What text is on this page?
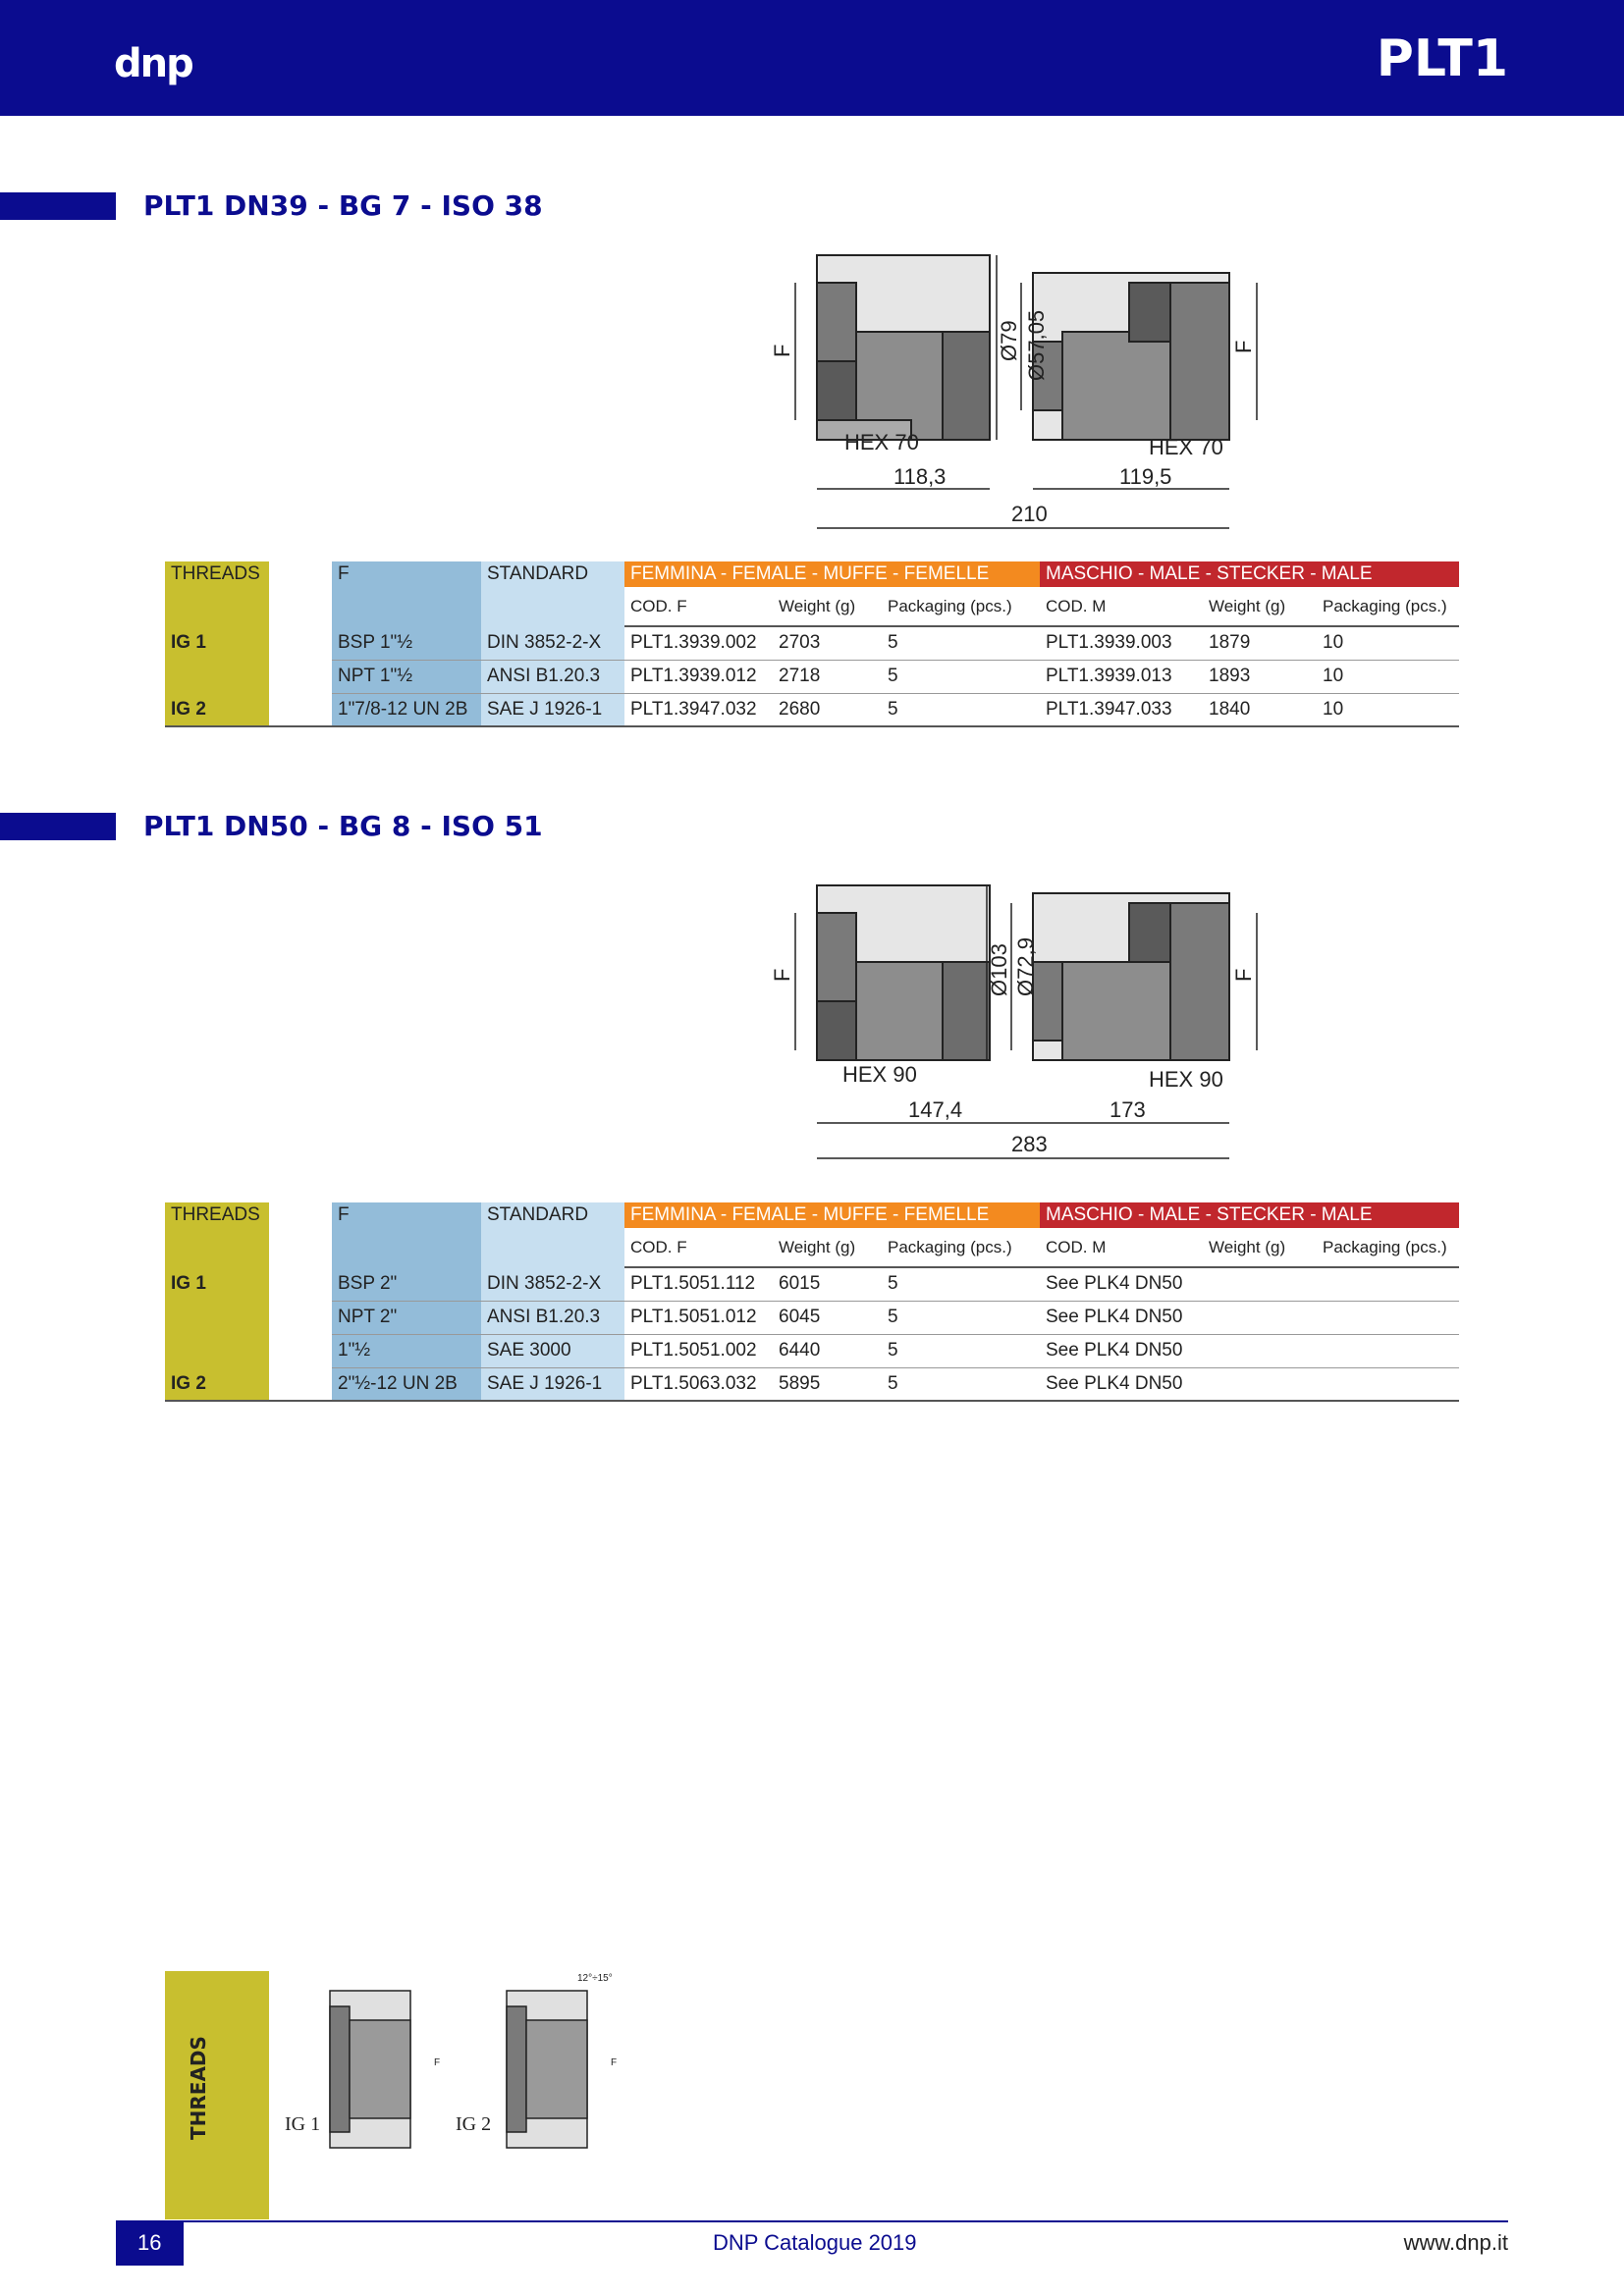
dnp	PLT1
PLT1 DN39 - BG 7 - ISO 38
HEX 70	HEX 70
118,3	119,5
210
Ø79 Ø57,05
F	F
THREADS		F	STANDARD	FEMMINA - FEMALE - MUFFE - FEMELLE			MASCHIO - MALE - STECKER - MALE		
				COD. F	Weight (g)	Packaging (pcs.)	COD. M	Weight (g)	Packaging (pcs.)
IG 1		BSP 1"½	DIN 3852-2-X	PLT1.3939.002	2703	5	PLT1.3939.003	1879	10
		NPT 1"½	ANSI B1.20.3	PLT1.3939.012	2718	5	PLT1.3939.013	1893	10
IG 2		1"7/8-12 UN 2B	SAE J 1926-1	PLT1.3947.032	2680	5	PLT1.3947.033	1840	10
PLT1 DN50 - BG 8 - ISO 51
HEX 90	HEX 90
147,4	173
283
Ø103 Ø72,9
F	F
THREADS		F	STANDARD	FEMMINA - FEMALE - MUFFE - FEMELLE			MASCHIO - MALE - STECKER - MALE		
				COD. F	Weight (g)	Packaging (pcs.)	COD. M	Weight (g)	Packaging (pcs.)
IG 1		BSP 2"	DIN 3852-2-X	PLT1.5051.112	6015	5	See PLK4 DN50		
		NPT 2"	ANSI B1.20.3	PLT1.5051.012	6045	5	See PLK4 DN50		
		1"½	SAE 3000	PLT1.5051.002	6440	5	See PLK4 DN50		
IG 2		2"½-12 UN 2B	SAE J 1926-1	PLT1.5063.032	5895	5	See PLK4 DN50		
THREADS	IG 1	IG 2
12°÷15°
F	F
16	DNP Catalogue 2019	www.dnp.it
